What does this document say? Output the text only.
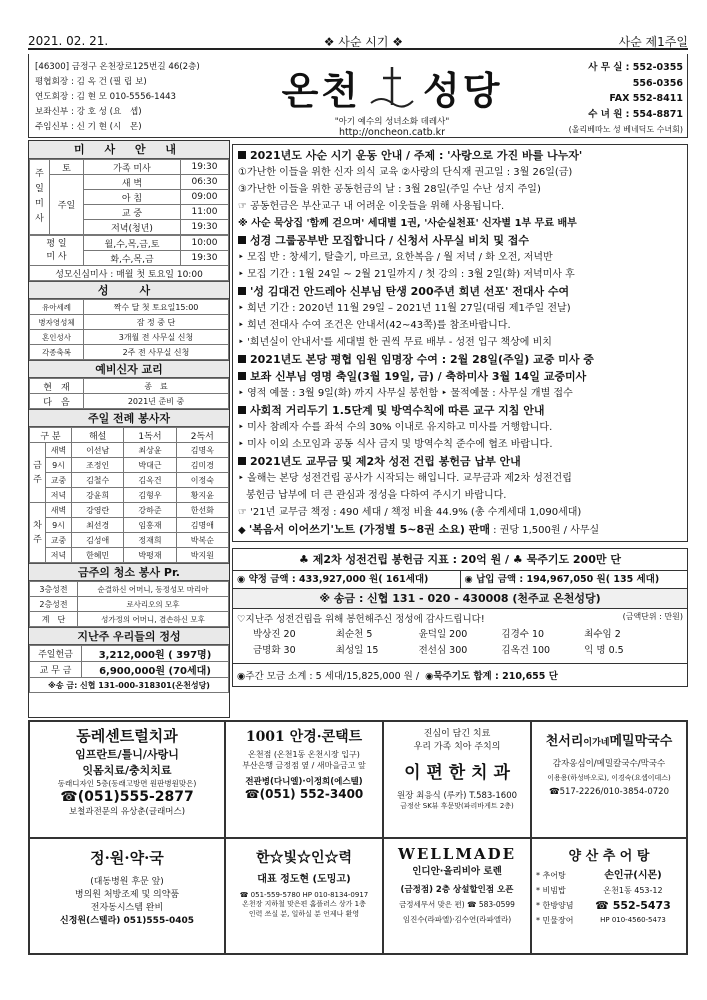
2021. 02. 21.	❖ 사순 시기 ❖	사순 제1주일
[46300] 금정구 온천장로125번길 46(2층)
평협회장 : 김 옥 건 (필 립 보)
연도회장 : 김 현 모 010-5556-1443
보좌신부 : 강 호 성 (요　셉)
주임신부 : 신 기 현 (시　몬)
온천 성당
"아기 예수의 성녀소화 데레사"
http://oncheon.catb.kr
사 무 실 : 552-0355
556-0356
FAX 552-8411
수 녀 원 : 554-8871
(올리베따노 성 베네딕도 수녀회)
미 사 안 내
주일미사	토	가족 미사	19:30
	주일	새 벽	06:30
		아 침	09:00
		교 중	11:00
		저녁(청년)	19:30
평 일
미 사	월,수,목,금,토	10:00
	화,수,목,금	19:30
성모신심미사 : 매월 첫 토요일 10:00		
성　사
유아세례	짝수 달 첫 토요일15:00
병자영성체	잠 정 중 단
혼인성사	3개월 전 사무실 신청
각종축복	2주 전 사무실 신청
예비신자 교리
현　재	종　료
다　음	2021년 준비 중
주일 전례 봉사자
구 분		해설	1독서	2독서
금주	새벽	이선남	최상윤	김명옥
	9시	조정인	박대근	김미경
	교중	김철수	김옥건	이정숙
	저녁	강윤희	김형우	황지윤
차주	새벽	강영란	강하준	한선화
	9시	최선경	임홍재	김명애
	교중	김성애	정재희	박복순
	저녁	한혜민	박평재	박지원
금주의 청소 봉사 Pr.
3층성전	순결하신 어머니, 동정성모 마리아
2층성전	로사리오의 모후
계　단	성가정의 어머니, 겸손하신 모후
지난주 우리들의 정성
주일헌금	3,212,000원 ( 397명)
교 무 금	6,900,000원 (70세대)
※송 금: 신협 131-000-318301(온천성당)	
2021년도 사순 시기 운동 안내 / 주제 : '사랑으로 가진 바를 나누자'
①가난한 이들을 위한 신자 의식 교육 ②사랑의 단식재 권고일 : 3월 26일(금)
③가난한 이들을 위한 공동헌금의 날 : 3월 28일(주일 수난 성지 주일)
☞ 공동헌금은 부산교구 내 어려운 이웃들을 위해 사용됩니다.
※ 사순 묵상집 '함께 걷으며' 세대별 1권, '사순실천표' 신자별 1부 무료 배부
성경 그룹공부반 모집합니다 / 신청서 사무실 비치 및 접수
‣ 모집 반 : 창세기, 탈출기, 마르코, 요한복음 / 월 저녁 / 화 오전, 저녁반
‣ 모집 기간 : 1월 24일 ~ 2월 21일까지 / 첫 강의 : 3월 2일(화) 저녁미사 후
'성 김대건 안드레아 신부님 탄생 200주년 희년 선포' 전대사 수여
‣ 희년 기간 : 2020년 11월 29일 – 2021년 11월 27일(대림 제1주일 전날)
‣ 희년 전대사 수여 조건은 안내서(42~43쪽)를 참조바랍니다.
‣ '희년실이 안내서'를 세대별 한 권씩 무료 배부 - 성전 입구 책상에 비치
2021년도 본당 평협 임원 임명장 수여 : 2월 28일(주일) 교중 미사 중
보좌 신부님 영명 축일(3월 19일, 금) / 축하미사 3월 14일 교중미사
‣ 영적 예물 : 3월 9일(화) 까지 사무실 봉헌함 ‣ 물적예물 : 사무실 개별 접수
사회적 거리두기 1.5단계 및 방역수칙에 따른 교구 지침 안내
‣ 미사 참례자 수를 좌석 수의 30% 이내로 유지하고 미사를 거행합니다.
‣ 미사 이외 소모임과 공동 식사 금지 및 방역수칙 준수에 협조 바랍니다.
2021년도 교무금 및 제2차 성전 건립 봉헌금 납부 안내
‣ 올해는 본당 성전건립 공사가 시작되는 해입니다. 교무금과 제2차 성전건립
봉헌금 납부에 더 큰 관심과 정성을 다하여 주시기 바랍니다.
☞ '21년 교무금 책정 : 490 세대 / 책정 비율 44.9% (총 수계세대 1,090세대)
◆ '복음서 이어쓰기'노트 (가정별 5~8권 소요) 판매 : 권당 1,500원 / 사무실
♣ 제2차 성전건립 봉헌금 지표 : 20억 원 / ♣ 묵주기도 200만 단
◉ 약정 금액 : 433,927,000 원( 161세대)	◉ 납입 금액 : 194,967,050 원( 135 세대)
※ 송금 : 신협 131 - 020 - 430008 (천주교 온천성당)
♡지난주 성전건립을 위해 봉헌해주신 정성에 감사드립니다!	(금액단위 : 만원)
박상진 20	최순천 5	윤덕일 200	김경수 10	최수임 2
금명화 30	최성일 15	전선심 300	김옥건 100	익 명 0.5
◉주간 모금 소계 : 5 세대/15,825,000 원 / ◉묵주기도 합계 : 210,655 단
동레센트럴치과
임프란트/틀니/사랑니
잇몸치료/충치치료
동래디자인 5층(동래고방면 원판병원맞은)
☎(051)555-2877
보철과전문의 유상춘(글래머스)
1001 안경·콘택트
온천점 (온천1동 온천시장 입구)
부산은행 금정점 옆 / 새마을금고 앞
전관병(다니엘)·이정희(에스텔)
☎(051) 552-3400
진심이 담긴 치료
우리 가족 치아 주치의
이 편 한 치 과
원장 최응식 (루카) T.583-1600
금정산 SK뷰 후문맞(파리바게트 2층)
천서리이가네메밀막국수
감자옹심이/메밀칼국수/막국수
이용용(하성바오로), 이경숙(요셉이데스)
☎517-2226/010-3854-0720
정·원·약·국
(대동병원 후문 앞)
병의원 처방조제 및 의약품
전자동시스템 완비
신정원(스텔라) 051)555-0405
한☆빛☆인☆력
대표 정도현 (도밍고)
☎ 051-559-5780 HP 010-8134-0917
온천장 지하철 맞은편 홈플러스 상가 1층
인력 쓰실 분, 일하실 분 언제나 환영
WELLMADE
인디안·올리비아 로렌
(금정점) 2층 상설할인점 오픈
금정세무서 맞은 편) ☎ 583-0599
임진수(라파엘)·김수연(라파엘라)
양 산 추 어 탕
* 추어탕
* 비빔밥
* 한방양념
* 민물장어
손인규(시몬)
온천1동 453-12
☎ 552-5473
HP 010-4560-5473
